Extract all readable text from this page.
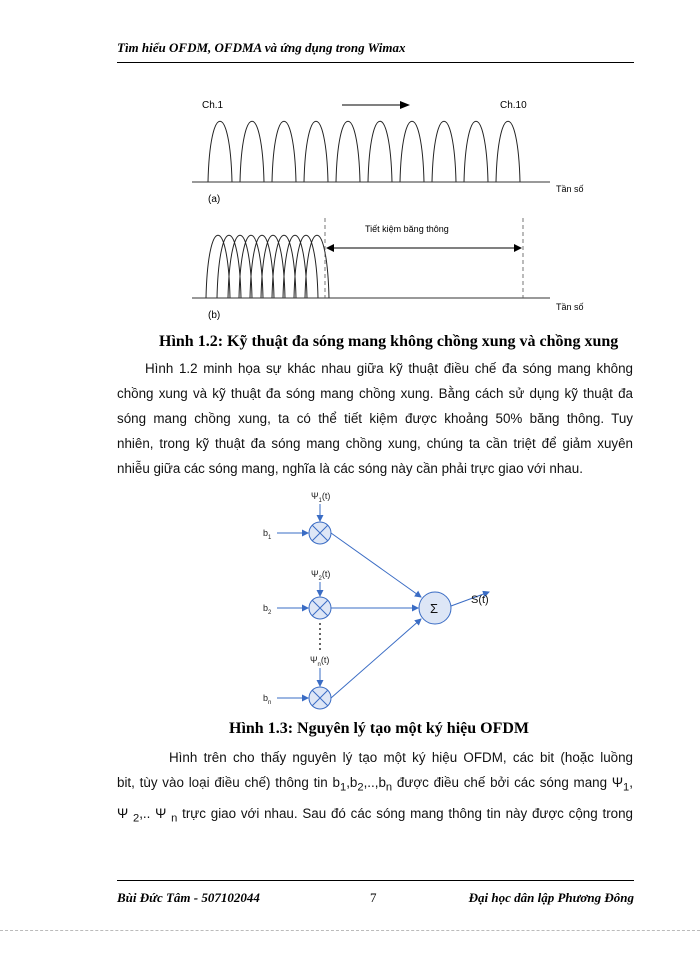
Tìm hiểu OFDM, OFDMA và ứng dụng trong Wimax
Ch.1	Ch.10
Tần số
Tần số
(a)
(b)
Tiết kiệm băng thông
Hình 1.2: Kỹ thuật đa sóng mang không chồng xung và chồng xung
Hình 1.2 minh họa sự khác nhau giữa kỹ thuật điều chế đa sóng mang không
chồng xung và kỹ thuật đa sóng mang chồng xung. Bằng cách sử dụng kỹ thuật đa
sóng mang chồng xung, ta có thể tiết kiệm được khoảng 50% băng thông. Tuy
nhiên, trong kỹ thuật đa sóng mang chồng xung, chúng ta cần triệt để giảm xuyên
nhiễu giữa các sóng mang, nghĩa là các sóng này cần phải trực giao với nhau.
$\Psi_1(t)$
$\Psi_2(t)$
$\Psi_n(t)$
$b_1$
$b_2$
$b_n$
Σ
S(t)
Hình 1.3: Nguyên lý tạo một ký hiệu OFDM
Hình trên cho thấy nguyên lý tạo một ký hiệu OFDM, các bit (hoặc luồng
bit, tùy vào loại điều chế) thông tin $b_1,b_2,..,b_n$ được điều chế bởi các sóng mang $\Psi_1$,
Ψ $_2$,.. Ψ $_n$ trực giao với nhau. Sau đó các sóng mang thông tin này được cộng trong
Bùi Đức Tâm - 507102044	7	Đại học dân lập Phương Đông
